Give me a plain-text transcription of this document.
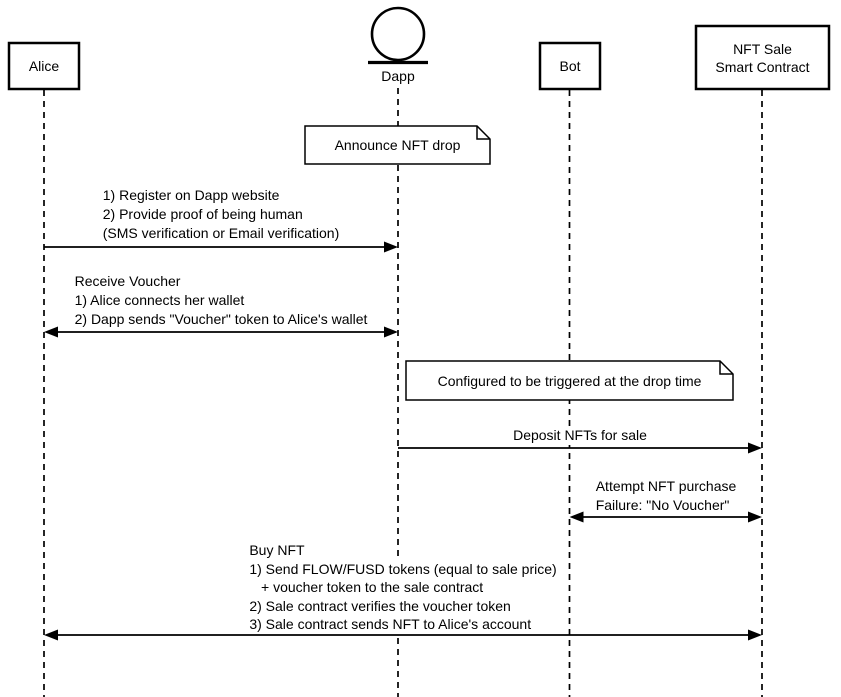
Alice
Dapp
Bot
NFT Sale
Smart Contract
Announce NFT drop
Configured to be triggered at the drop time
1) Register on Dapp website
2) Provide proof of being human
(SMS verification or Email verification)
Receive Voucher
1) Alice connects her wallet
2) Dapp sends "Voucher" token to Alice's wallet
Deposit NFTs for sale
Attempt NFT purchase
Failure: "No Voucher"
Buy NFT
1) Send FLOW/FUSD tokens (equal to sale price)
+ voucher token to the sale contract
2) Sale contract verifies the voucher token
3) Sale contract sends NFT to Alice's account
